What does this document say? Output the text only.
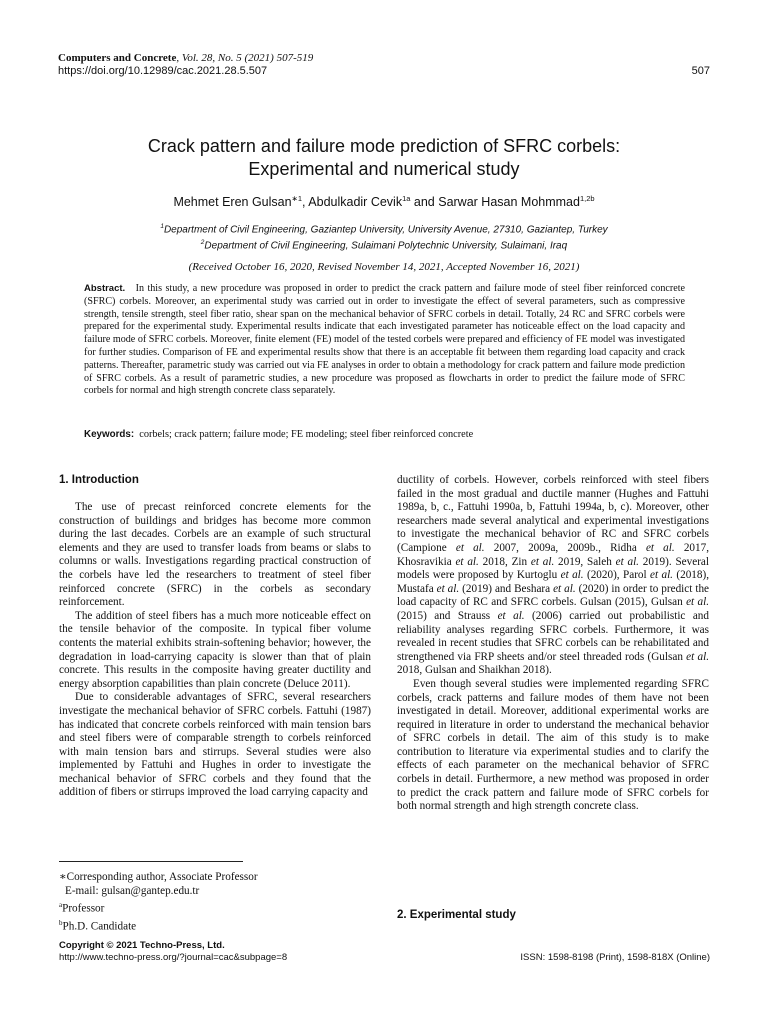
Computers and Concrete, Vol. 28, No. 5 (2021) 507-519
https://doi.org/10.12989/cac.2021.28.5.507	507
Crack pattern and failure mode prediction of SFRC corbels:
Experimental and numerical study
Mehmet Eren Gulsan$^{∗1}$, Abdulkadir Cevik$^{1a}$ and Sarwar Hasan Mohmmad$^{1,2b}$
$^1$Department of Civil Engineering, Gaziantep University, University Avenue, 27310, Gaziantep, Turkey
$^2$Department of Civil Engineering, Sulaimani Polytechnic University, Sulaimani, Iraq
(Received October 16, 2020, Revised November 14, 2021, Accepted November 16, 2021)
Abstract. In this study, a new procedure was proposed in order to predict the crack pattern and failure mode of steel fiber reinforced concrete (SFRC) corbels. Moreover, an experimental study was carried out in order to investigate the effect of several parameters, such as compressive strength, tensile strength, steel fiber ratio, shear span on the mechanical behavior of SFRC corbels in detail. Totally, 24 RC and SFRC corbels were prepared for the experimental study. Experimental results indicate that each investigated parameter has noticeable effect on the load capacity and failure mode of SFRC corbels. Moreover, finite element (FE) model of the tested corbels were prepared and efficiency of FE model was investigated for further studies. Comparison of FE and experimental results show that there is an acceptable fit between them regarding load capacity and crack patterns. Thereafter, parametric study was carried out via FE analyses in order to obtain a methodology for crack pattern and failure mode prediction of SFRC corbels. As a result of parametric studies, a new procedure was proposed as flowcharts in order to predict the failure mode of SFRC corbels for normal and high strength concrete class separately.
Keywords: corbels; crack pattern; failure mode; FE modeling; steel fiber reinforced concrete
1. Introduction

The use of precast reinforced concrete elements for the construction of buildings and bridges has become more common during the last decades. Corbels are an example of such structural elements and they are used to transfer loads from beams or slabs to columns or walls. Investigations regarding practical construction of the corbels have led the researchers to treatment of steel fiber reinforced concrete (SFRC) in the corbels as secondary reinforcement.

The addition of steel fibers has a much more noticeable effect on the tensile behavior of the composite. In typical fiber volume contents the material exhibits strain-softening behavior; however, the degradation in load-carrying capacity is slower than that of plain concrete. This results in the composite having greater ductility and energy absorption capabilities than plain concrete (Deluce 2011).

Due to considerable advantages of SFRC, several researchers investigate the mechanical behavior of SFRC corbels. Fattuhi (1987) has indicated that concrete corbels reinforced with main tension bars and steel fibers were of comparable strength to corbels reinforced with main tension bars and stirrups. Several studies were also implemented by Fattuhi and Hughes in order to investigate the mechanical behavior of SFRC corbels and they found that the addition of fibers or stirrups improved the load carrying capacity and

ductility of corbels. However, corbels reinforced with steel fibers failed in the most gradual and ductile manner (Hughes and Fattuhi 1989a, b, c., Fattuhi 1990a, b, Fattuhi 1994a, b, c). Moreover, other researchers made several analytical and experimental investigations to investigate the mechanical behavior of RC and SFRC corbels (Campione et al. 2007, 2009a, 2009b., Ridha et al. 2017, Khosravikia et al. 2018, Zin et al. 2019, Saleh et al. 2019). Several models were proposed by Kurtoglu et al. (2020), Parol et al. (2018), Mustafa et al. (2019) and Beshara et al. (2020) in order to predict the load capacity of RC and SFRC corbels. Gulsan (2015), Gulsan et al. (2015) and Strauss et al. (2006) carried out probabilistic and reliability analyses regarding SFRC corbels. Furthermore, it was revealed in recent studies that SFRC corbels can be rehabilitated and strengthened via FRP sheets and/or steel threaded rods (Gulsan et al. 2018, Gulsan and Shaikhan 2018).

Even though several studies were implemented regarding SFRC corbels, crack patterns and failure modes of them have not been investigated in detail. Moreover, additional experimental works are required in literature in order to understand the mechanical behavior of SFRC corbels in detail. The aim of this study is to make contribution to literature via experimental studies and to clarify the effects of each parameter on the mechanical behavior of SFRC corbels in detail. Furthermore, a new method was proposed in order to predict the crack pattern and failure mode of SFRC corbels for both normal strength and high strength concrete class.

2. Experimental study
∗Corresponding author, Associate Professor
E-mail: gulsan@gantep.edu.tr
$^a$Professor
$^b$Ph.D. Candidate
Copyright © 2021 Techno-Press, Ltd.
http://www.techno-press.org/?journal=cac&subpage=8	ISSN: 1598-8198 (Print), 1598-818X (Online)
